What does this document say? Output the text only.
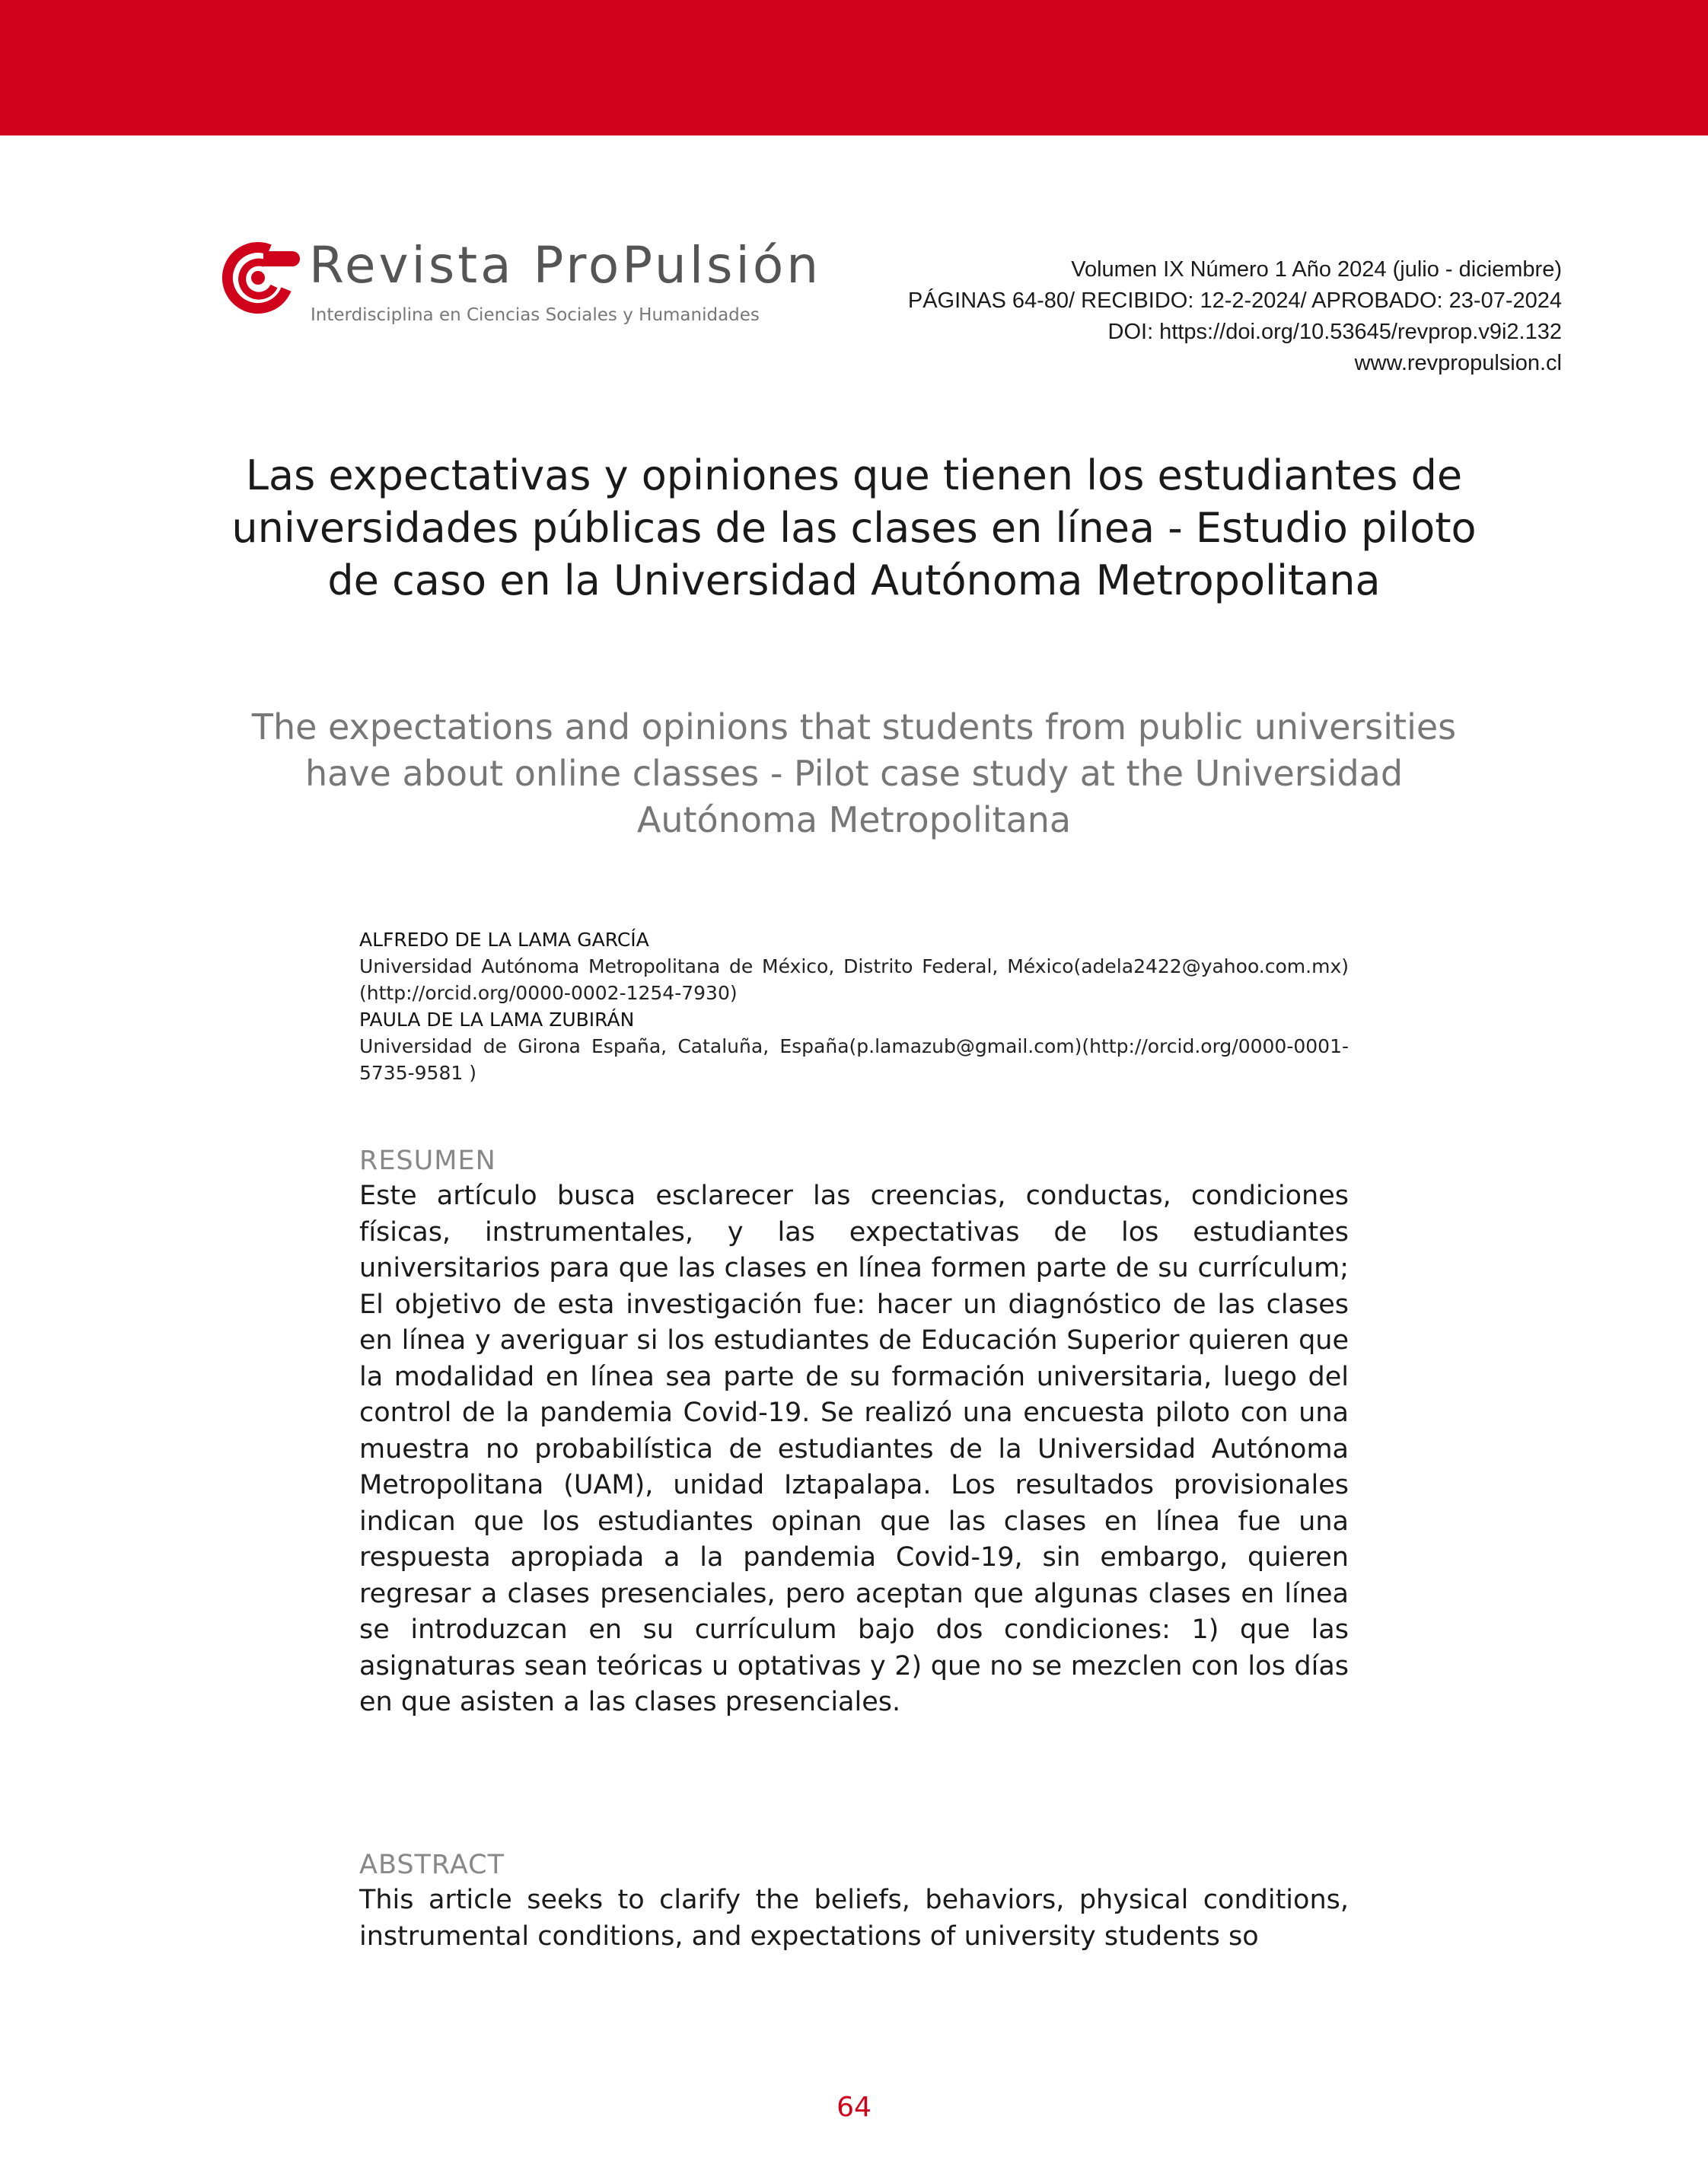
Revista ProPulsión
Interdisciplina en Ciencias Sociales y Humanidades
Volumen IX Número 1 Año 2024 (julio - diciembre)
PÁGINAS 64-80/ RECIBIDO: 12-2-2024/ APROBADO: 23-07-2024
DOI: https://doi.org/10.53645/revprop.v9i2.132
www.revpropulsion.cl
Las expectativas y opiniones que tienen los estudiantes de universidades públicas de las clases en línea - Estudio piloto de caso en la Universidad Autónoma Metropolitana
The expectations and opinions that students from public universities have about online classes - Pilot case study at the Universidad Autónoma Metropolitana
ALFREDO DE LA LAMA GARCÍA
Universidad Autónoma Metropolitana de México, Distrito Federal, México(adela2422@yahoo.com.mx)(http://orcid.org/0000-0002-1254-7930)
PAULA DE LA LAMA ZUBIRÁN
Universidad de Girona España, Cataluña, España(p.lamazub@gmail.com)(http://orcid.org/0000-0001-5735-9581 )
RESUMEN

Este artículo busca esclarecer las creencias, conductas, condiciones físicas, instrumentales, y las expectativas de los estudiantes universitarios para que las clases en línea formen parte de su currículum; El objetivo de esta investigación fue: hacer un diagnóstico de las clases en línea y averiguar si los estudiantes de Educación Superior quieren que la modalidad en línea sea parte de su formación universitaria, luego del control de la pandemia Covid-19. Se realizó una encuesta piloto con una muestra no probabilística de estudiantes de la Universidad Autónoma Metropolitana (UAM), unidad Iztapalapa. Los resultados provisionales indican que los estudiantes opinan que las clases en línea fue una respuesta apropiada a la pandemia Covid-19, sin embargo, quieren regresar a clases presenciales, pero aceptan que algunas clases en línea se introduzcan en su currículum bajo dos condiciones: 1) que las asignaturas sean teóricas u optativas y 2) que no se mezclen con los días en que asisten a las clases presenciales.

ABSTRACT

This article seeks to clarify the beliefs, behaviors, physical conditions, instrumental conditions, and expectations of university students so

64
